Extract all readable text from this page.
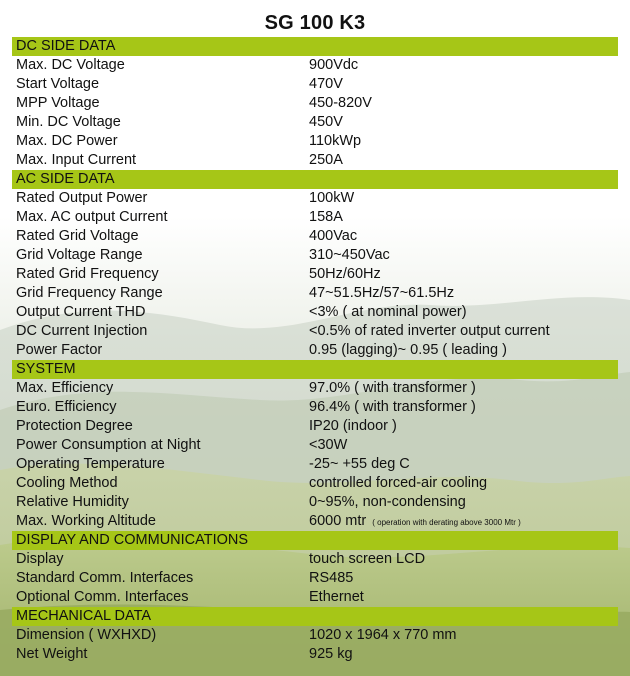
SG 100 K3
DC SIDE DATA
Max. DC Voltage	900Vdc
Start Voltage	470V
MPP Voltage	450-820V
Min. DC Voltage	450V
Max. DC Power	110kWp
Max. Input Current	250A
AC SIDE DATA
Rated Output Power	100kW
Max. AC output Current	158A
Rated Grid Voltage	400Vac
Grid Voltage Range	310~450Vac
Rated Grid Frequency	50Hz/60Hz
Grid Frequency Range	47~51.5Hz/57~61.5Hz
Output Current THD	<3% ( at nominal power)
DC Current Injection	<0.5% of rated inverter output current
Power Factor	0.95 (lagging)~ 0.95 ( leading )
SYSTEM
Max. Efficiency	97.0% ( with transformer )
Euro. Efficiency	96.4% ( with transformer )
Protection Degree	IP20 (indoor )
Power Consumption at Night	<30W
Operating Temperature	-25~ +55 deg C
Cooling Method	controlled forced-air cooling
Relative Humidity	0~95%, non-condensing
Max. Working Altitude	6000 mtr ( operation with derating above 3000 Mtr )
DISPLAY AND COMMUNICATIONS
Display	touch screen LCD
Standard Comm. Interfaces	RS485
Optional Comm. Interfaces	Ethernet
MECHANICAL DATA
Dimension ( WXHXD)	1020 x 1964 x 770 mm
Net Weight	925 kg
